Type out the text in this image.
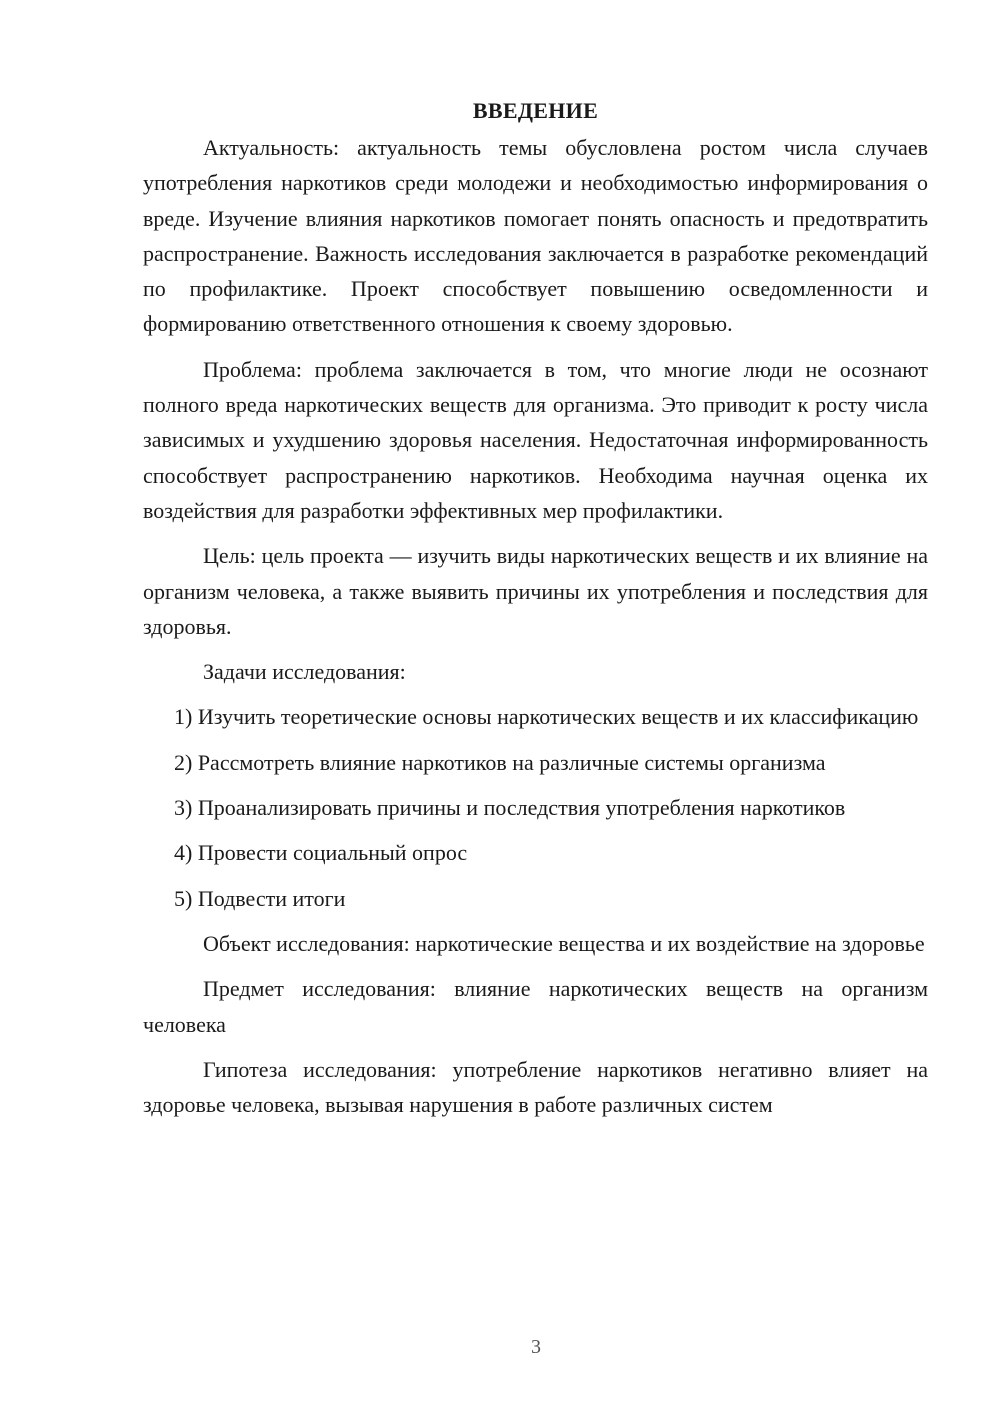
ВВЕДЕНИЕ

Актуальность: актуальность темы обусловлена ростом числа случаев употребления наркотиков среди молодежи и необходимостью информирования о вреде. Изучение влияния наркотиков помогает понять опасность и предотвратить распространение. Важность исследования заключается в разработке рекомендаций по профилактике. Проект способствует повышению осведомленности и формированию ответственного отношения к своему здоровью.

Проблема: проблема заключается в том, что многие люди не осознают полного вреда наркотических веществ для организма. Это приводит к росту числа зависимых и ухудшению здоровья населения. Недостаточная информированность способствует распространению наркотиков. Необходима научная оценка их воздействия для разработки эффективных мер профилактики.

Цель: цель проекта — изучить виды наркотических веществ и их влияние на организм человека, а также выявить причины их употребления и последствия для здоровья.

Задачи исследования:

1) Изучить теоретические основы наркотических веществ и их классификацию

2) Рассмотреть влияние наркотиков на различные системы организма

3) Проанализировать причины и последствия употребления наркотиков

4) Провести социальный опрос

5) Подвести итоги

Объект исследования: наркотические вещества и их воздействие на здоровье

Предмет исследования: влияние наркотических веществ на организм человека

Гипотеза исследования: употребление наркотиков негативно влияет на здоровье человека, вызывая нарушения в работе различных систем

3
